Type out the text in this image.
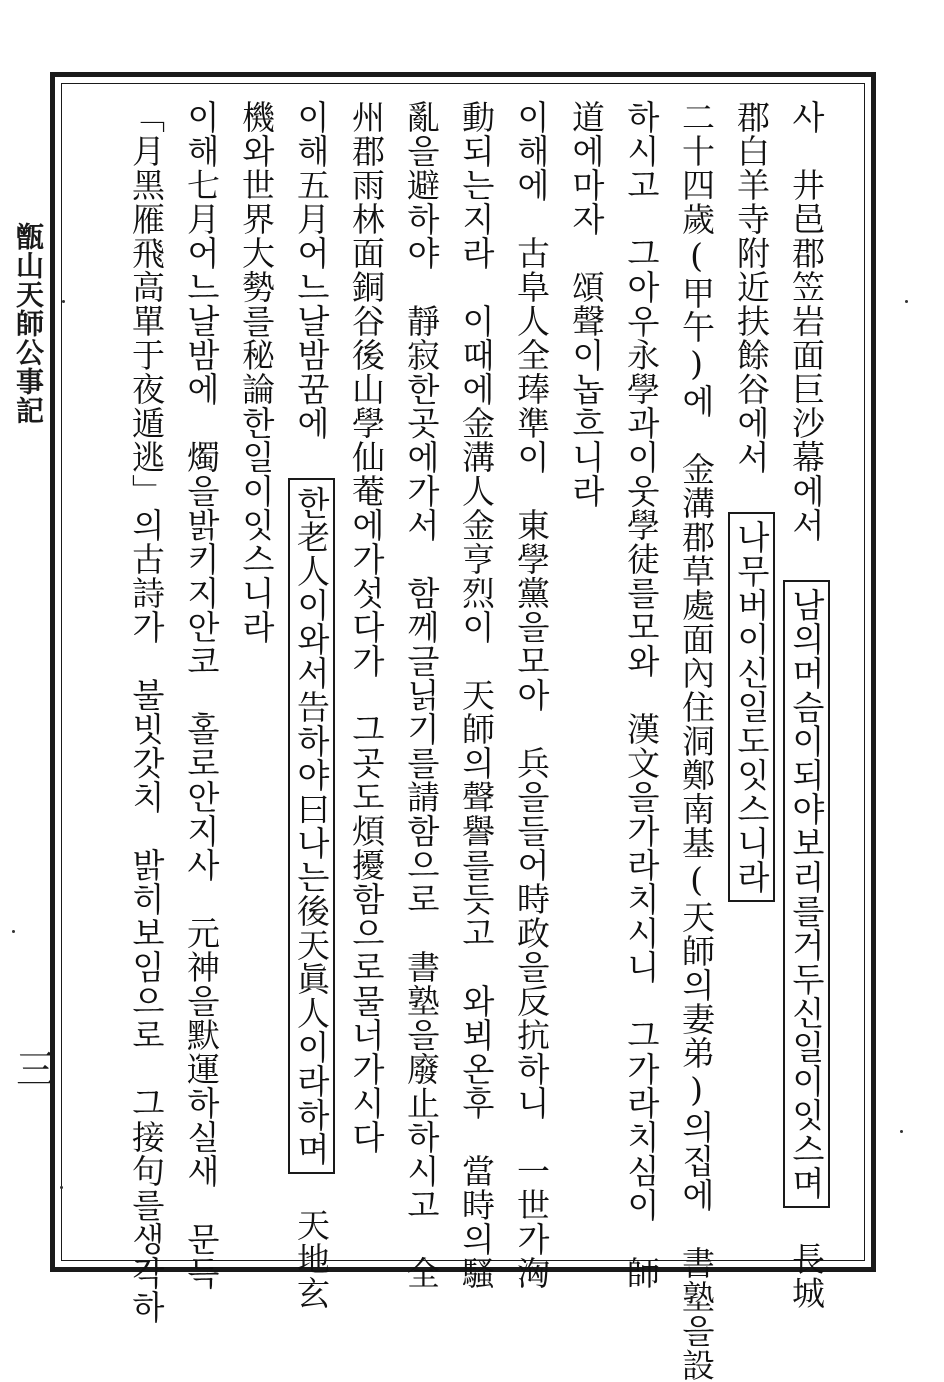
甑山天師公事記
三
사　井邑郡笠岩面巨沙幕에서 남의머슴이되야보리를거두신일이잇스며　長城
郡白羊寺附近扶餘谷에서 나무버이신일도잇스니라
二十四歲(甲午)에　金溝郡草處面內住洞鄭南基(天師의妻弟)의집에　書塾을設
하시고　그아우永學과이웃學徒를모와　漢文을가라치시니　그가라치심이　師
道에마자　頌聲이놉흐니라
이해에　古阜人全琫準이　東學黨을모아　兵을들어時政을反抗하니　一世가洶
動되는지라　이때에金溝人金亨烈이　天師의聲譽를듯고　와뵈온후　當時의騷
亂을避하야　靜寂한곳에가서　함께글닑기를請함으로　書塾을廢止하시고　全
州郡雨林面銅谷後山學仙菴에가섯다가　그곳도煩擾함으로물너가시다
이해五月어느날밤꿈에 한老人이와서告하야曰나는後天眞人이라하며　天地玄
機와世界大勢를秘論한일이잇스니라
이해七月어느날밤에　燭을밝키지안코　홀로안지사　元神을默運하실새　문득
「月黑雁飛高單于夜遁逃」의古詩가　불빗갓치　밝히보임으로　그接句를생각하
